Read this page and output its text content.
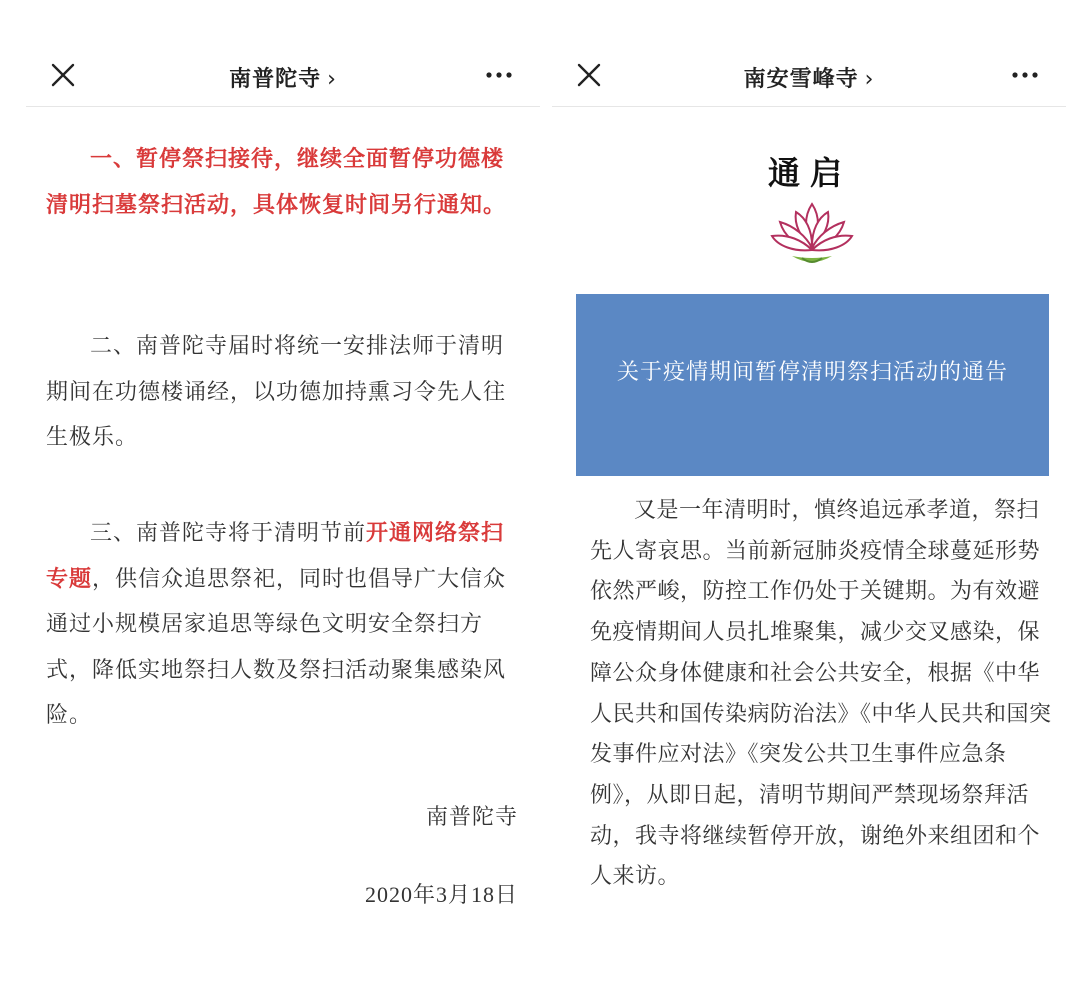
南普陀寺 ›

一、暂停祭扫接待，继续全面暂停功德楼清明扫墓祭扫活动，具体恢复时间另行通知。

二、南普陀寺届时将统一安排法师于清明期间在功德楼诵经，以功德加持熏习令先人往生极乐。

三、南普陀寺将于清明节前开通网络祭扫专题，供信众追思祭祀，同时也倡导广大信众通过小规模居家追思等绿色文明安全祭扫方式，降低实地祭扫人数及祭扫活动聚集感染风险。

南普陀寺
2020年3月18日
南安雪峰寺 ›
通启
关于疫情期间暂停清明祭扫活动的通告

又是一年清明时，慎终追远承孝道，祭扫先人寄哀思。当前新冠肺炎疫情全球蔓延形势依然严峻，防控工作仍处于关键期。为有效避免疫情期间人员扎堆聚集，减少交叉感染，保障公众身体健康和社会公共安全，根据《中华人民共和国传染病防治法》《中华人民共和国突发事件应对法》《突发公共卫生事件应急条例》，从即日起，清明节期间严禁现场祭拜活动，我寺将继续暂停开放，谢绝外来组团和个人来访。
